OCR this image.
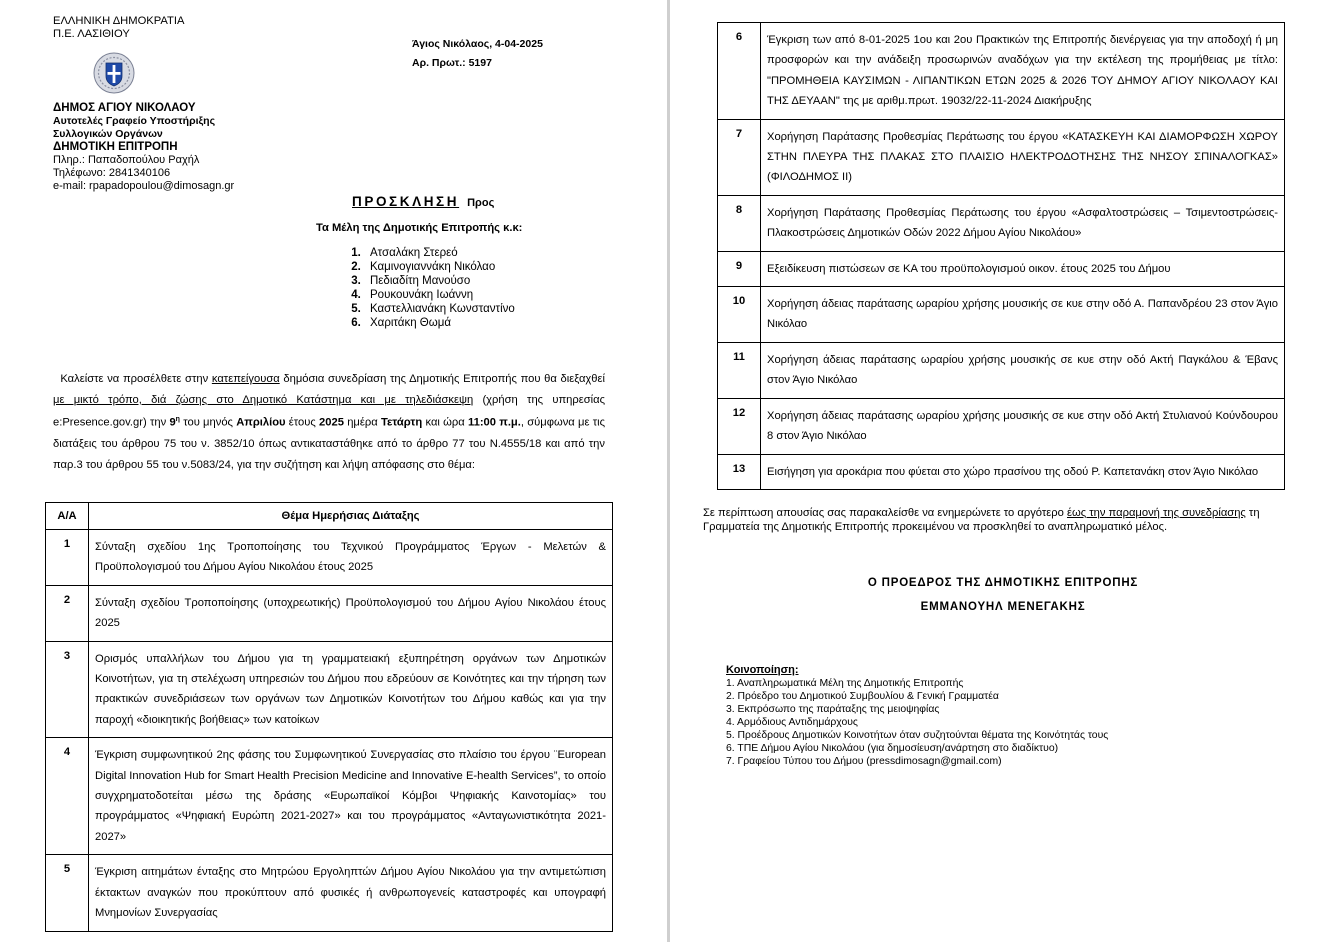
ΕΛΛΗΝΙΚΗ ΔΗΜΟΚΡΑΤΙΑ
Π.Ε. ΛΑΣΙΘΙΟΥ
ΔΗΜΟΣ ΑΓΙΟΥ ΝΙΚΟΛΑΟΥ
Αυτοτελές Γραφείο Υποστήριξης
Συλλογικών Οργάνων
ΔΗΜΟΤΙΚΗ ΕΠΙΤΡΟΠΗ
Πληρ.: Παπαδοπούλου Ραχήλ
Τηλέφωνο: 2841340106
e-mail: rpapadopoulou@dimosagn.gr
Άγιος Νικόλαος, 4-04-2025
Αρ. Πρωτ.: 5197
ΠΡΟΣΚΛΗΣΗ Προς
Τα Μέλη της Δημοτικής Επιτροπής κ.κ:
1. Ατσαλάκη Στερεό
2. Καμινογιαννάκη Νικόλαο
3. Πεδιαδίτη Μανούσο
4. Ρουκουνάκη Ιωάννη
5. Καστελλιανάκη Κωνσταντίνο
6. Χαριτάκη Θωμά
Καλείστε να προσέλθετε στην κατεπείγουσα δημόσια συνεδρίαση της Δημοτικής Επιτροπής που θα διεξαχθεί με μικτό τρόπο, διά ζώσης στο Δημοτικό Κατάστημα και με τηλεδιάσκεψη (χρήση της υπηρεσίας e:Presence.gov.gr) την $9^\eta$ του μηνός Απριλίου έτους 2025 ημέρα Τετάρτη και ώρα 11:00 π.μ., σύμφωνα με τις διατάξεις του άρθρου 75 του ν. 3852/10 όπως αντικαταστάθηκε από το άρθρο 77 του Ν.4555/18 και από την παρ.3 του άρθρου 55 του ν.5083/24, για την συζήτηση και λήψη απόφασης στο θέμα:
Α/Α	Θέμα Ημερήσιας Διάταξης
1	Σύνταξη σχεδίου 1ης Τροποποίησης του Τεχνικού Προγράμματος Έργων - Μελετών & Προϋπολογισμού του Δήμου Αγίου Νικολάου έτους 2025
2	Σύνταξη σχεδίου Τροποποίησης (υποχρεωτικής) Προϋπολογισμού του Δήμου Αγίου Νικολάου έτους 2025
3	Ορισμός υπαλλήλων του Δήμου για τη γραμματειακή εξυπηρέτηση οργάνων των Δημοτικών Κοινοτήτων, για τη στελέχωση υπηρεσιών του Δήμου που εδρεύουν σε Κοινότητες και την τήρηση των πρακτικών συνεδριάσεων των οργάνων των Δημοτικών Κοινοτήτων του Δήμου καθώς και για την παροχή «διοικητικής βοήθειας» των κατοίκων
4	Έγκριση συμφωνητικού 2ης φάσης του Συμφωνητικού Συνεργασίας στο πλαίσιο του έργου ¨European Digital Innovation Hub for Smart Health Precision Medicine and Innovative E-health Services”, το οποίο συγχρηματοδοτείται μέσω της δράσης «Ευρωπαϊκοί Κόμβοι Ψηφιακής Καινοτομίας» του προγράμματος «Ψηφιακή Ευρώπη 2021-2027» και του προγράμματος «Ανταγωνιστικότητα 2021-2027»
5	Έγκριση αιτημάτων ένταξης στο Μητρώου Εργοληπτών Δήμου Αγίου Νικολάου για την αντιμετώπιση έκτακτων αναγκών που προκύπτουν από φυσικές ή ανθρωπογενείς καταστροφές και υπογραφή Μνημονίων Συνεργασίας
6	Έγκριση των από 8-01-2025 1ου και 2ου Πρακτικών της Επιτροπής διενέργειας για την αποδοχή ή μη προσφορών και την ανάδειξη προσωρινών αναδόχων για την εκτέλεση της προμήθειας με τίτλο: "ΠΡΟΜΗΘΕΙΑ ΚΑΥΣΙΜΩΝ - ΛΙΠΑΝΤΙΚΩΝ ΕΤΩΝ 2025 & 2026 ΤΟΥ ΔΗΜΟΥ ΑΓΙΟΥ ΝΙΚΟΛΑΟΥ ΚΑΙ ΤΗΣ ΔΕΥΑΑΝ" της με αριθμ.πρωτ. 19032/22-11-2024 Διακήρυξης
7	Χορήγηση Παράτασης Προθεσμίας Περάτωσης του έργου «ΚΑΤΑΣΚΕΥΗ ΚΑΙ ΔΙΑΜΟΡΦΩΣΗ ΧΩΡΟΥ ΣΤΗΝ ΠΛΕΥΡΑ ΤΗΣ ΠΛΑΚΑΣ ΣΤΟ ΠΛΑΙΣΙΟ ΗΛΕΚΤΡΟΔΟΤΗΣΗΣ ΤΗΣ ΝΗΣΟΥ ΣΠΙΝΑΛΟΓΚΑΣ» (ΦΙΛΟΔΗΜΟΣ ΙΙ)
8	Χορήγηση Παράτασης Προθεσμίας Περάτωσης του έργου «Ασφαλτοστρώσεις – Τσιμεντοστρώσεις-Πλακοστρώσεις Δημοτικών Οδών 2022 Δήμου Αγίου Νικολάου»
9	Εξειδίκευση πιστώσεων σε ΚΑ του προϋπολογισμού οικον. έτους 2025 του Δήμου
10	Χορήγηση άδειας παράτασης ωραρίου χρήσης μουσικής σε κυε στην οδό Α. Παπανδρέου 23 στον Άγιο Νικόλαο
11	Χορήγηση άδειας παράτασης ωραρίου χρήσης μουσικής σε κυε στην οδό Ακτή Παγκάλου & Έβανς στον Άγιο Νικόλαο
12	Χορήγηση άδειας παράτασης ωραρίου χρήσης μουσικής σε κυε στην οδό Ακτή Στυλιανού Κούνδουρου 8 στον Άγιο Νικόλαο
13	Εισήγηση για αροκάρια που φύεται στο χώρο πρασίνου της οδού Ρ. Καπετανάκη στον Άγιο Νικόλαο
Σε περίπτωση απουσίας σας παρακαλείσθε να ενημερώνετε το αργότερο έως την παραμονή της συνεδρίασης τη Γραμματεία της Δημοτικής Επιτροπής προκειμένου να προσκληθεί το αναπληρωματικό μέλος.
Ο ΠΡΟΕΔΡΟΣ ΤΗΣ ΔΗΜΟΤΙΚΗΣ ΕΠΙΤΡΟΠΗΣ
ΕΜΜΑΝΟΥΗΛ ΜΕΝΕΓΑΚΗΣ
Κοινοποίηση:
1. Αναπληρωματικά Μέλη της Δημοτικής Επιτροπής
2. Πρόεδρο του Δημοτικού Συμβουλίου & Γενική Γραμματέα
3. Εκπρόσωπο της παράταξης της μειοψηφίας
4. Αρμόδιους Αντιδημάρχους
5. Προέδρους Δημοτικών Κοινοτήτων όταν συζητούνται θέματα της Κοινότητάς τους
6. ΤΠΕ Δήμου Αγίου Νικολάου (για δημοσίευση/ανάρτηση στο διαδίκτυο)
7. Γραφείου Τύπου του Δήμου (pressdimosagn@gmail.com)
